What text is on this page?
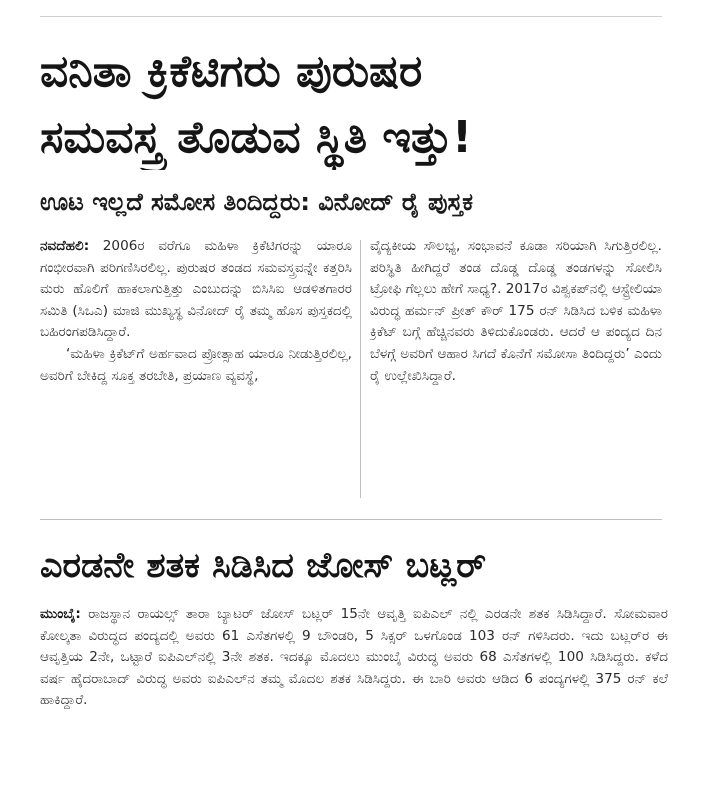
ವನಿತಾ ಕ್ರಿಕೆಟಿಗರು ಪುರುಷರ
ಸಮವಸ್ತ್ರ ತೊಡುವ ಸ್ಥಿತಿ ಇತ್ತು!
ಊಟ ಇಲ್ಲದೆ ಸಮೋಸ ತಿಂದಿದ್ದರು: ವಿನೋದ್ ರೈ ಪುಸ್ತಕ
ನವದೆಹಲಿ: 2006ರ ವರೆಗೂ ಮಹಿಳಾ ಕ್ರಿಕೆಟಿಗರನ್ನು ಯಾರೂ ಗಂಭೀರವಾಗಿ ಪರಿಗಣಿಸಿರಲಿಲ್ಲ. ಪುರುಷರ ತಂಡದ ಸಮವಸ್ತ್ರವನ್ನೇ ಕತ್ತರಿಸಿ ಮರು ಹೊಲಿಗೆ ಹಾಕಲಾಗುತ್ತಿತ್ತು ಎಂಬುದನ್ನು ಬಿಸಿಸಿಐ ಆಡಳಿತಗಾರರ ಸಮಿತಿ (ಸಿಒಎ) ಮಾಜಿ ಮುಖ್ಯಸ್ಥ ವಿನೋದ್ ರೈ ತಮ್ಮ ಹೊಸ ಪುಸ್ತಕದಲ್ಲಿ ಬಹಿರಂಗಪಡಿಸಿದ್ದಾರೆ.
‘ಮಹಿಳಾ ಕ್ರಿಕೆಟ್‌ಗೆ ಅರ್ಹವಾದ ಪ್ರೋತ್ಸಾಹ ಯಾರೂ ನೀಡುತ್ತಿರಲಿಲ್ಲ, ಅವರಿಗೆ ಬೇಕಿದ್ದ ಸೂಕ್ತ ತರಬೇತಿ, ಪ್ರಯಾಣ ವ್ಯವಸ್ಥೆ,
ವೈದ್ಯಕೀಯ ಸೌಲಭ್ಯ, ಸಂಭಾವನೆ ಕೂಡಾ ಸರಿಯಾಗಿ ಸಿಗುತ್ತಿರಲಿಲ್ಲ. ಪರಿಸ್ಥಿತಿ ಹೀಗಿದ್ದರೆ ತಂಡ ದೊಡ್ಡ ದೊಡ್ಡ ತಂಡಗಳನ್ನು ಸೋಲಿಸಿ ಟ್ರೋಫಿ ಗೆಲ್ಲಲು ಹೇಗೆ ಸಾಧ್ಯ?. 2017ರ ವಿಶ್ವಕಪ್‌ನಲ್ಲಿ ಆಸ್ಟ್ರೇಲಿಯಾ ವಿರುದ್ಧ ಹರ್ಮನ್ ಪ್ರೀತ್ ಕೌರ್ 175 ರನ್ ಸಿಡಿಸಿದ ಬಳಿಕ ಮಹಿಳಾ ಕ್ರಿಕೆಟ್ ಬಗ್ಗೆ ಹೆಚ್ಚಿನವರು ತಿಳಿದುಕೊಂಡರು. ಆದರೆ ಆ ಪಂದ್ಯದ ದಿನ ಬೆಳಗ್ಗೆ ಅವರಿಗೆ ಆಹಾರ ಸಿಗದೆ ಕೊನೆಗೆ ಸಮೋಸಾ ತಿಂದಿದ್ದರು’ ಎಂದು ರೈ ಉಲ್ಲೇಖಿಸಿದ್ದಾರೆ.
ಎರಡನೇ ಶತಕ ಸಿಡಿಸಿದ ಜೋಸ್ ಬಟ್ಲರ್
ಮುಂಬೈ: ರಾಜಸ್ಥಾನ ರಾಯಲ್ಸ್ ತಾರಾ ಬ್ಯಾಟರ್ ಜೋಸ್ ಬಟ್ಲರ್ 15ನೇ ಆವೃತ್ತಿ ಐಪಿಎಲ್ ನಲ್ಲಿ ಎರಡನೇ ಶತಕ ಸಿಡಿಸಿದ್ದಾರೆ. ಸೋಮವಾರ ಕೋಲ್ಕತಾ ವಿರುದ್ಧದ ಪಂದ್ಯದಲ್ಲಿ ಅವರು 61 ಎಸೆತಗಳಲ್ಲಿ 9 ಬೌಂಡರಿ, 5 ಸಿಕ್ಸರ್ ಒಳಗೊಂಡ 103 ರನ್ ಗಳಿಸಿದರು. ಇದು ಬಟ್ಲರ್‌ರ ಈ ಆವೃತ್ತಿಯ 2ನೇ, ಒಟ್ಟಾರೆ ಐಪಿಎಲ್‌ನಲ್ಲಿ 3ನೇ ಶತಕ. ಇದಕ್ಕೂ ಮೊದಲು ಮುಂಬೈ ವಿರುದ್ಧ ಅವರು 68 ಎಸೆತಗಳಲ್ಲಿ 100 ಸಿಡಿಸಿದ್ದರು. ಕಳೆದ ವರ್ಷ ಹೈದರಾಬಾದ್ ವಿರುದ್ಧ ಅವರು ಐಪಿಎಲ್‌ನ ತಮ್ಮ ಮೊದಲ ಶತಕ ಸಿಡಿಸಿದ್ದರು. ಈ ಬಾರಿ ಅವರು ಆಡಿದ 6 ಪಂದ್ಯಗಳಲ್ಲಿ 375 ರನ್ ಕಲೆ ಹಾಕಿದ್ದಾರೆ.
